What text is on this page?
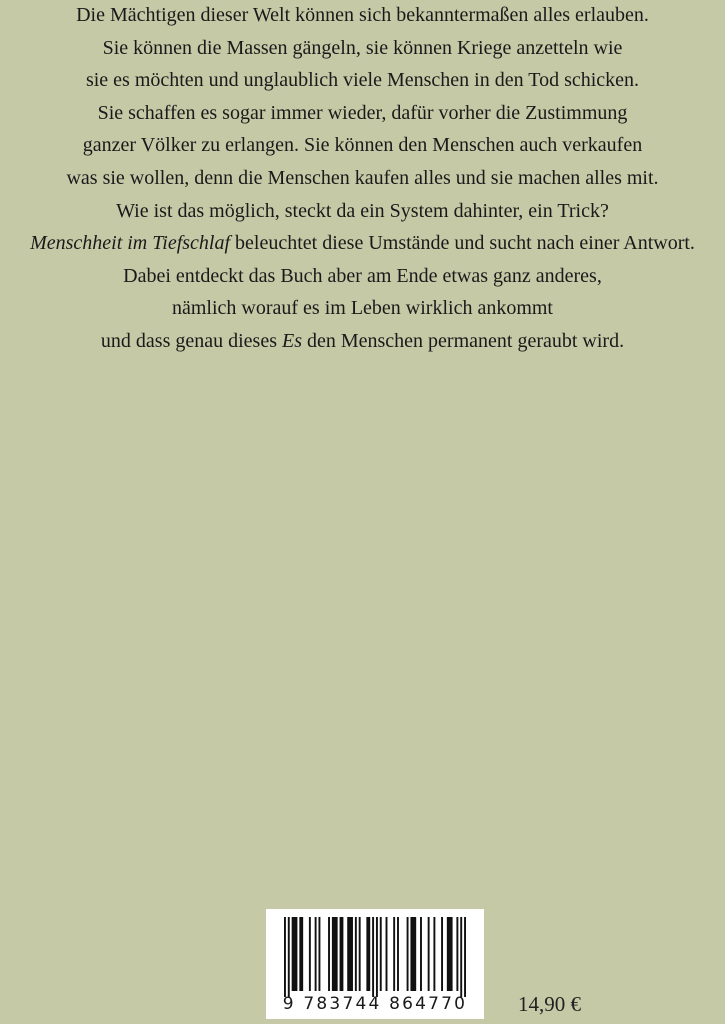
Die Mächtigen dieser Welt können sich bekanntermaßen alles erlauben.
Sie können die Massen gängeln, sie können Kriege anzetteln wie
sie es möchten und unglaublich viele Menschen in den Tod schicken.
Sie schaffen es sogar immer wieder, dafür vorher die Zustimmung
ganzer Völker zu erlangen. Sie können den Menschen auch verkaufen
was sie wollen, denn die Menschen kaufen alles und sie machen alles mit.
Wie ist das möglich, steckt da ein System dahinter, ein Trick?
Menschheit im Tiefschlaf beleuchtet diese Umstände und sucht nach einer Antwort.
Dabei entdeckt das Buch aber am Ende etwas ganz anderes,
nämlich worauf es im Leben wirklich ankommt
und dass genau dieses Es den Menschen permanent geraubt wird.
9 783744 864770	14,90 €
